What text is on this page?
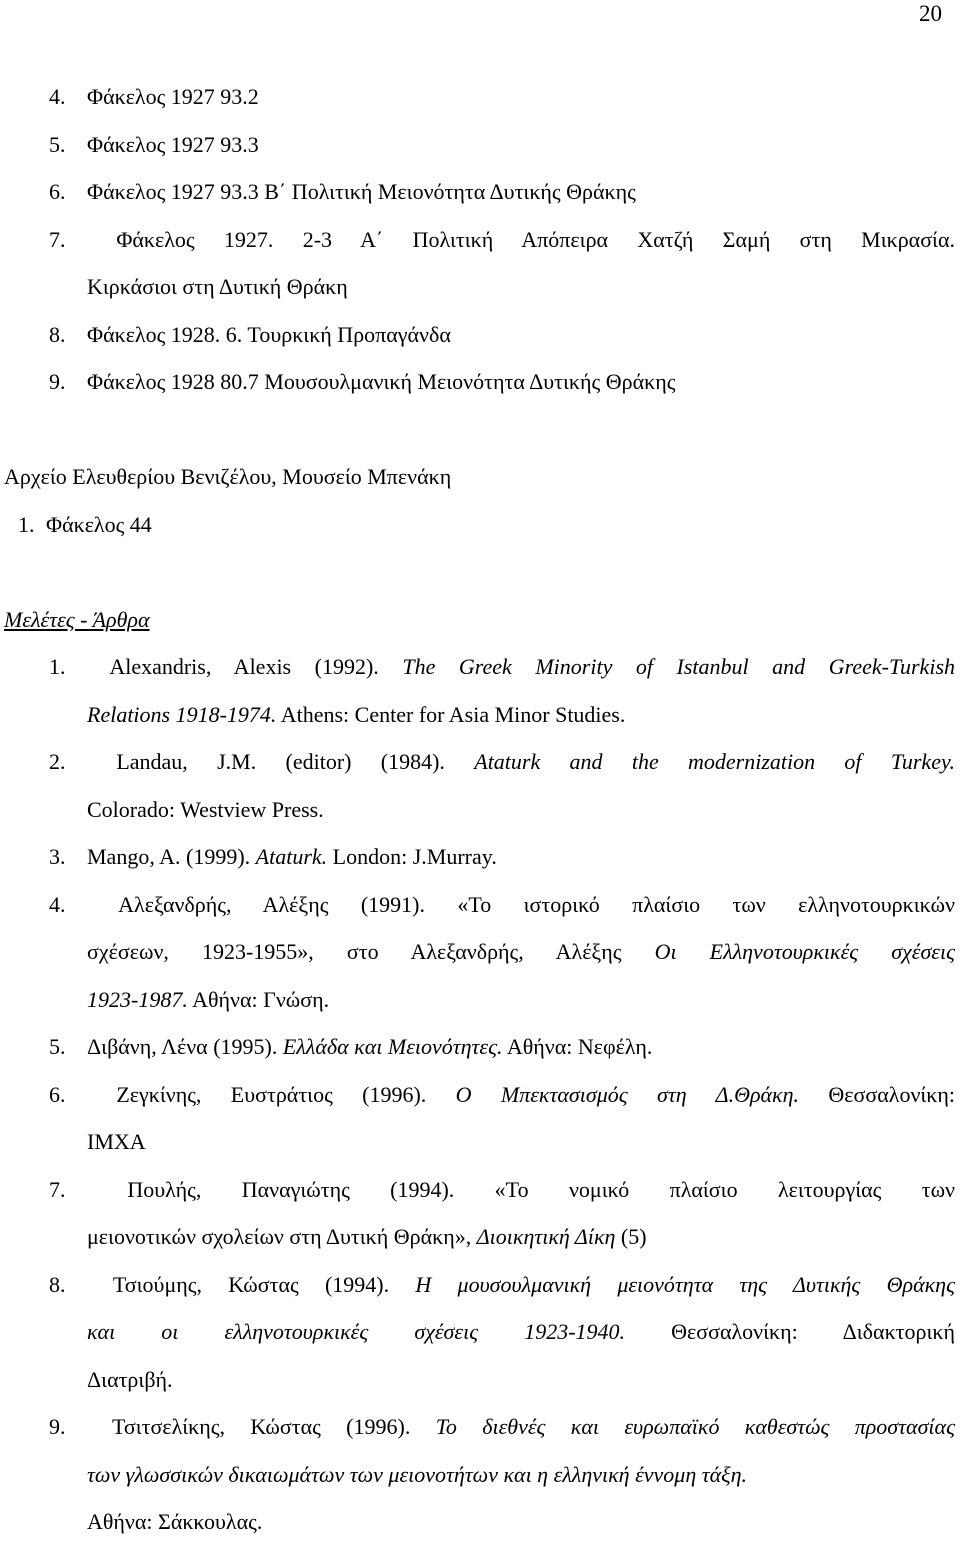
20
4. Φάκελος 1927 93.2
5. Φάκελος 1927 93.3
6. Φάκελος 1927 93.3 Β΄ Πολιτική Μειονότητα Δυτικής Θράκης
7. Φάκελος 1927. 2-3 Α΄ Πολιτική Απόπειρα Χατζή Σαμή στη Μικρασία.
Κιρκάσιοι στη Δυτική Θράκη
8. Φάκελος 1928. 6. Τουρκική Προπαγάνδα
9. Φάκελος 1928 80.7 Μουσουλμανική Μειονότητα Δυτικής Θράκης
Αρχείο Ελευθερίου Βενιζέλου, Μουσείο Μπενάκη
1. Φάκελος 44
Μελέτες - Άρθρα
1. Alexandris, Alexis (1992). The Greek Minority of Istanbul and Greek-Turkish
Relations 1918-1974. Athens: Center for Asia Minor Studies.
2. Landau, J.M. (editor) (1984). Ataturk and the modernization of Turkey.
Colorado: Westview Press.
3. Mango, A. (1999). Ataturk. London: J.Murray.
4. Αλεξανδρής, Αλέξης (1991). «Το ιστορικό πλαίσιο των ελληνοτουρκικών
σχέσεων, 1923-1955», στο Αλεξανδρής, Αλέξης Οι Ελληνοτουρκικές σχέσεις
1923-1987. Αθήνα: Γνώση.
5. Διβάνη, Λένα (1995). Ελλάδα και Μειονότητες. Αθήνα: Νεφέλη.
6. Ζεγκίνης, Ευστράτιος (1996). Ο Μπεκτασισμός στη Δ.Θράκη. Θεσσαλονίκη:
ΙΜΧΑ
7.	Πουλής, Παναγιώτης (1994). «Το νομικό πλαίσιο λειτουργίας των
μειονοτικών σχολείων στη Δυτική Θράκη», Διοικητική Δίκη (5)
8. Τσιούμης, Κώστας (1994). Η μουσουλμανική μειονότητα της Δυτικής Θράκης
και οι ελληνοτουρκικές σχέσεις 1923-1940. Θεσσαλονίκη: Διδακτορική
Διατριβή.
9. Τσιτσελίκης, Κώστας (1996). Το διεθνές και ευρωπαϊκό καθεστώς προστασίας
των γλωσσικών δικαιωμάτων των μειονοτήτων και η ελληνική έννομη τάξη.
Αθήνα: Σάκκουλας.
